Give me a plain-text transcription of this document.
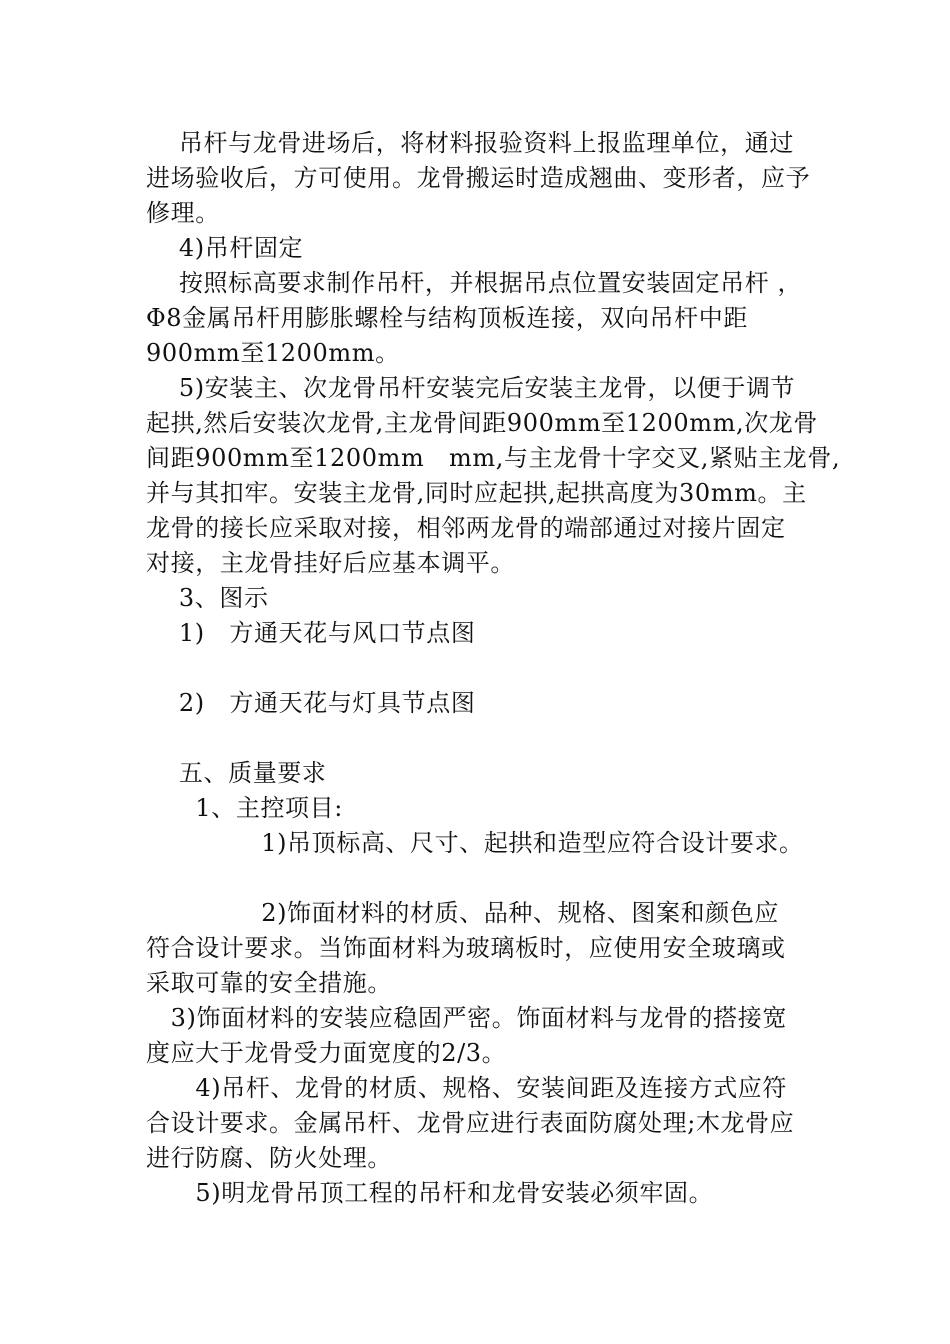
吊杆与龙骨进场后，将材料报验资料上报监理单位，通过

进场验收后，方可使用。龙骨搬运时造成翘曲、变形者，应予

修理。

4)吊杆固定

按照标高要求制作吊杆，并根据吊点位置安装固定吊杆 ，

Φ8金属吊杆用膨胀螺栓与结构顶板连接，双向吊杆中距

900mm至1200mm。

5)安装主、次龙骨吊杆安装完后安装主龙骨，以便于调节

起拱,然后安装次龙骨,主龙骨间距900mm至1200mm,次龙骨

间距900mm至1200mm   mm,与主龙骨十字交叉,紧贴主龙骨,

并与其扣牢。安装主龙骨,同时应起拱,起拱高度为30mm。主

龙骨的接长应采取对接，相邻两龙骨的端部通过对接片固定

对接，主龙骨挂好后应基本调平。

3、图示

1)   方通天花与风口节点图

2)   方通天花与灯具节点图

五、质量要求

1、主控项目:

1)吊顶标高、尺寸、起拱和造型应符合设计要求。

2)饰面材料的材质、品种、规格、图案和颜色应

符合设计要求。当饰面材料为玻璃板时，应使用安全玻璃或

采取可靠的安全措施。

3)饰面材料的安装应稳固严密。饰面材料与龙骨的搭接宽

度应大于龙骨受力面宽度的2/3。

4)吊杆、龙骨的材质、规格、安装间距及连接方式应符

合设计要求。金属吊杆、龙骨应进行表面防腐处理;木龙骨应

进行防腐、防火处理。

5)明龙骨吊顶工程的吊杆和龙骨安装必须牢固。
